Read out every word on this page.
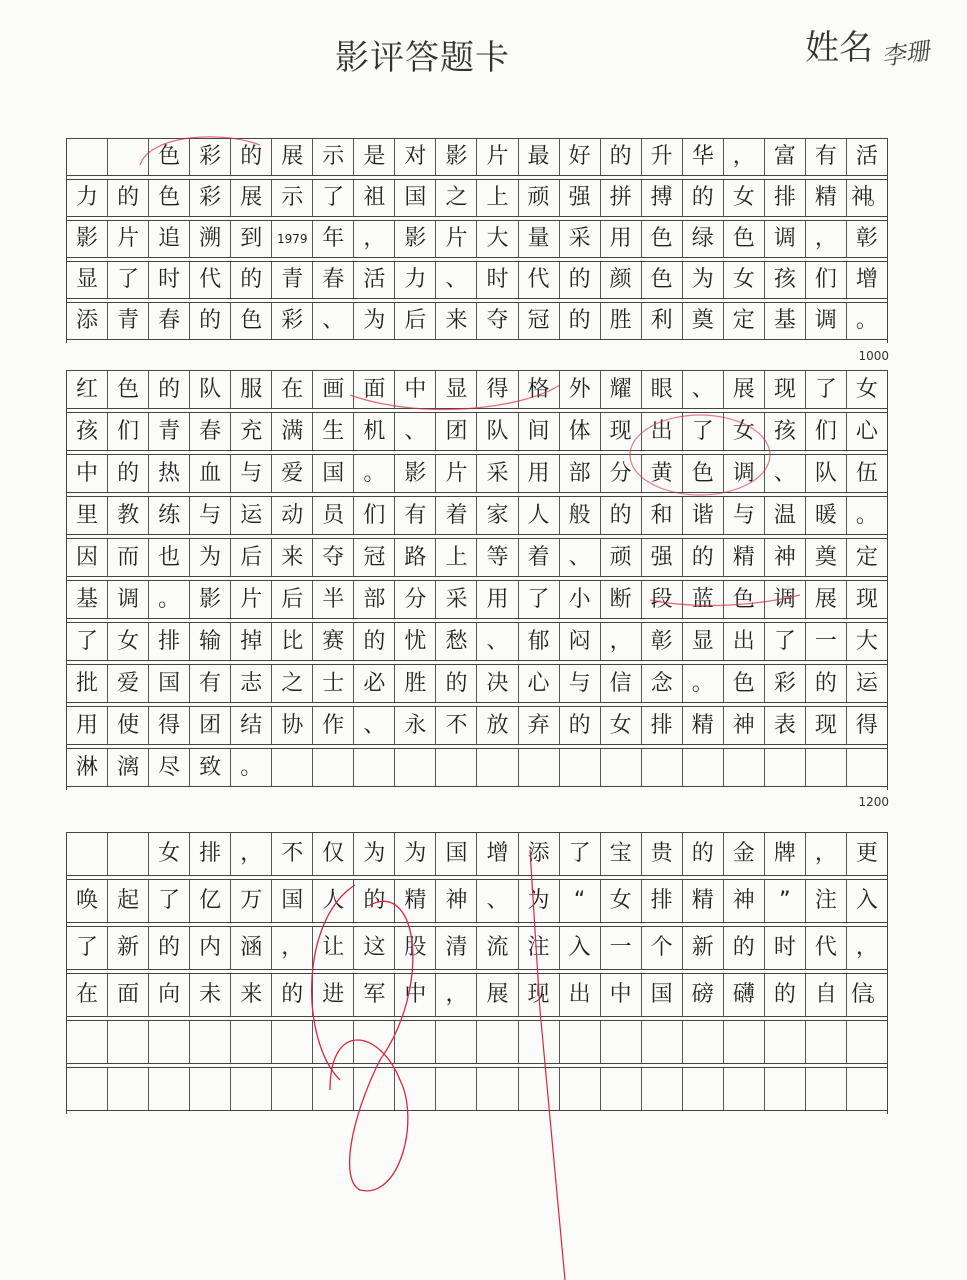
影评答题卡	姓名 李珊
色 彩 的 展 示 是 对 影 片 最 好 的 升 华 ， 富 有 活
力 的 色 彩 展 示 了 祖 国 之 上 顽 强 拼 搏 的 女 排 精 神。
影 片 追 溯 到	1979 年 ， 影 片 大 量 采 用 色 绿 色 调 ， 彰
显 了 时 代 的 青 春 活 力 、 时 代 的 颜 色 为 女 孩 们 增
添 青 春 的 色 彩 、 为 后 来 夺 冠 的 胜 利 奠 定 基 调 。
1000
红 色 的 队 服 在 画 面 中 显 得 格 外 耀 眼 、 展 现 了 女
孩 们 青 春 充 满 生 机 、 团 队 间 体 现 出 了 女 孩 们 心
中 的 热 血 与 爱 国 。 影 片 采 用 部 分 黄 色 调 、 队 伍
里 教 练 与 运 动 员 们 有 着 家 人 般 的 和 谐 与 温 暖 。
因 而 也 为 后 来 夺 冠 路 上 等 着 、 顽 强 的 精 神 奠 定
基 调 。 影 片 后 半 部 分 采 用 了 小 断 段 蓝 色 调 展 现
了 女 排 输 掉 比 赛 的 忧 愁 、 郁 闷 ， 彰 显 出 了 一 大
批 爱 国 有 志 之 士 必 胜 的 决 心 与 信 念 。 色 彩 的 运
用 使 得 团 结 协 作 、 永 不 放 弃 的 女 排 精 神 表 现 得
淋 漓 尽 致 。
1200
女 排 ， 不 仅 为 为 国 增 添 了 宝 贵 的 金 牌 ， 更
唤 起 了 亿 万 国 人 的 精 神 、 为	“	女 排 精 神	”	注 入
了 新 的 内 涵 ， 让 这 股 清 流 注 入 一 个 新 的 时 代 ，
在 面 向 未 来 的 进 军 中 ， 展 现 出 中 国 磅 礴 的 自 信。
